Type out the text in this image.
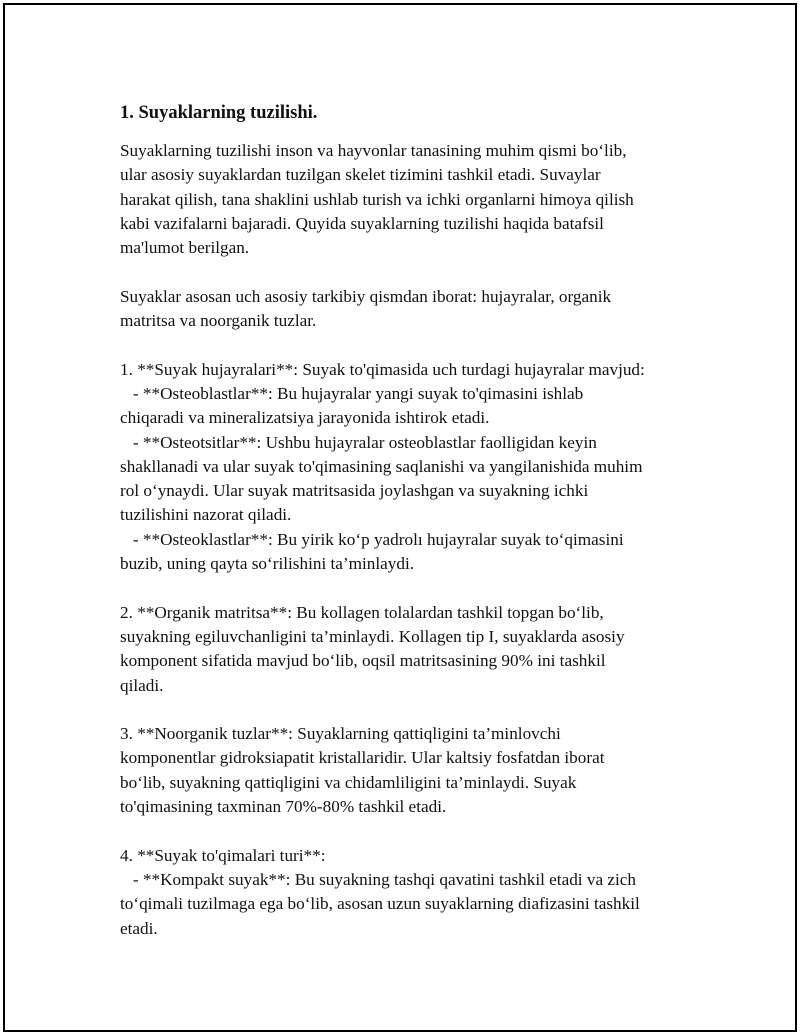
1. Suyaklarning tuzilishi.
Suyaklarning tuzilishi inson va hayvonlar tanasining muhim qismi bo‘lib,
ular asosiy suyaklardan tuzilgan skelet tizimini tashkil etadi. Suvaylar
harakat qilish, tana shaklini ushlab turish va ichki organlarni himoya qilish
kabi vazifalarni bajaradi. Quyida suyaklarning tuzilishi haqida batafsil
ma'lumot berilgan.
Suyaklar asosan uch asosiy tarkibiy qismdan iborat: hujayralar, organik
matritsa va noorganik tuzlar.
1. **Suyak hujayralari**: Suyak to'qimasida uch turdagi hujayralar mavjud:
- **Osteoblastlar**: Bu hujayralar yangi suyak to'qimasini ishlab
chiqaradi va mineralizatsiya jarayonida ishtirok etadi.
- **Osteotsitlar**: Ushbu hujayralar osteoblastlar faolligidan keyin
shakllanadi va ular suyak to'qimasining saqlanishi va yangilanishida muhim
rol o‘ynaydi. Ular suyak matritsasida joylashgan va suyakning ichki
tuzilishini nazorat qiladi.
- **Osteoklastlar**: Bu yirik ko‘p yadrolı hujayralar suyak to‘qimasini
buzib, uning qayta so‘rilishini ta’minlaydi.
2. **Organik matritsa**: Bu kollagen tolalardan tashkil topgan bo‘lib,
suyakning egiluvchanligini ta’minlaydi. Kollagen tip I, suyaklarda asosiy
komponent sifatida mavjud bo‘lib, oqsil matritsasining 90% ini tashkil
qiladi.
3. **Noorganik tuzlar**: Suyaklarning qattiqligini ta’minlovchi
komponentlar gidroksiapatit kristallaridir. Ular kaltsiy fosfatdan iborat
bo‘lib, suyakning qattiqligini va chidamliligini ta’minlaydi. Suyak
to'qimasining taxminan 70%-80% tashkil etadi.
4. **Suyak to'qimalari turi**:
- **Kompakt suyak**: Bu suyakning tashqi qavatini tashkil etadi va zich
to‘qimali tuzilmaga ega bo‘lib, asosan uzun suyaklarning diafizasini tashkil
etadi.
